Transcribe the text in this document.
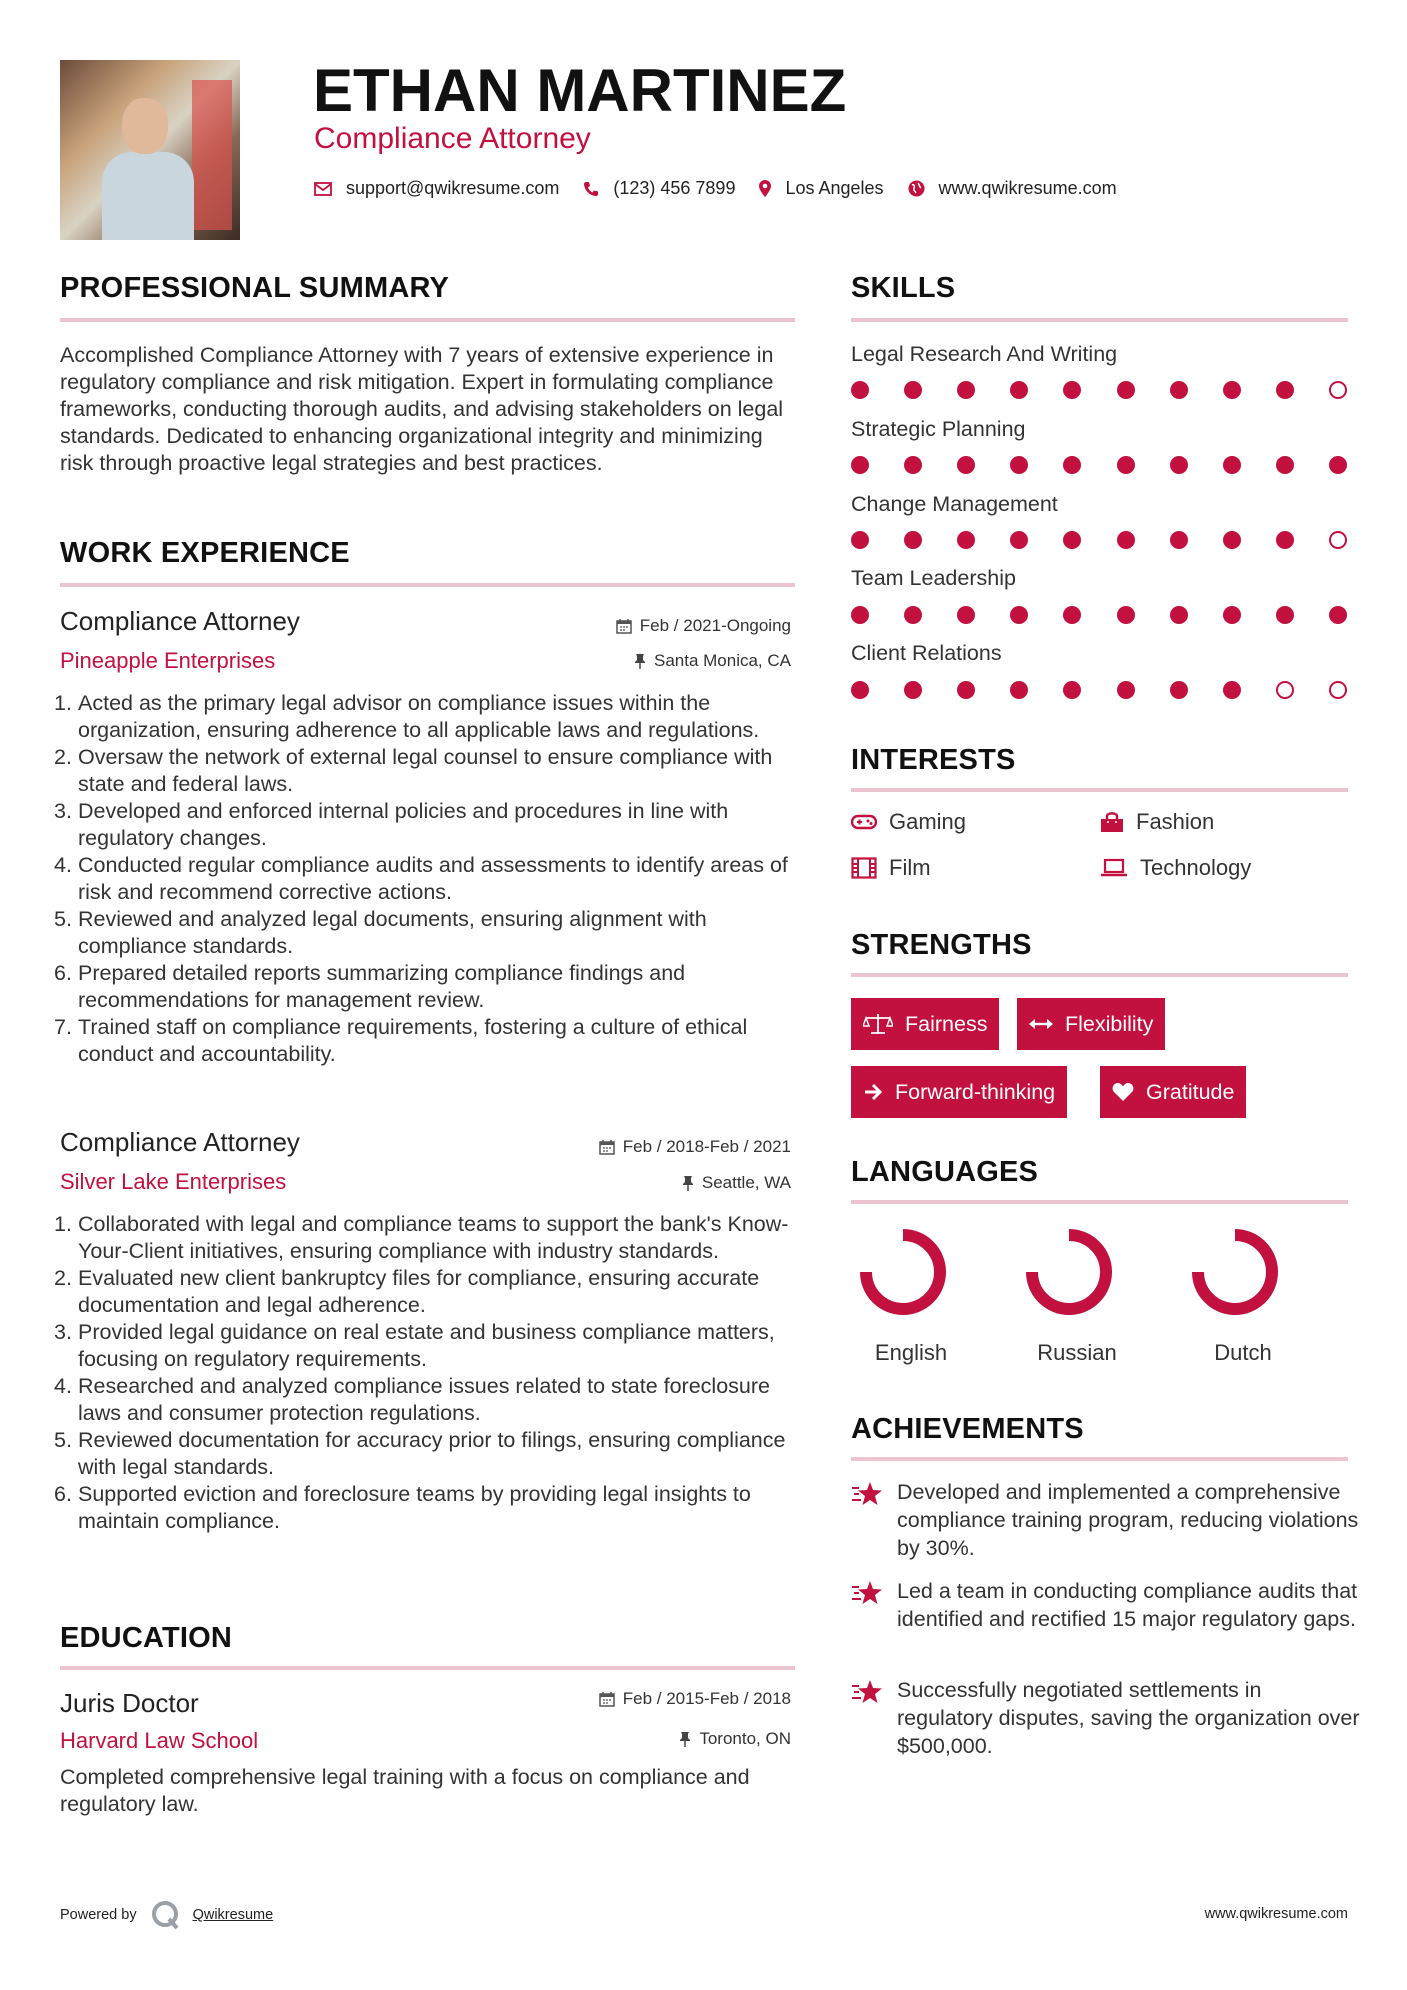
ETHAN MARTINEZ
Compliance Attorney
support@qwikresume.com	(123) 456 7899	Los Angeles	www.qwikresume.com
PROFESSIONAL SUMMARY
Accomplished Compliance Attorney with 7 years of extensive experience in regulatory compliance and risk mitigation. Expert in formulating compliance frameworks, conducting thorough audits, and advising stakeholders on legal standards. Dedicated to enhancing organizational integrity and minimizing risk through proactive legal strategies and best practices.
WORK EXPERIENCE
Compliance Attorney	Feb / 2021-Ongoing
Pineapple Enterprises	Santa Monica, CA
1. Acted as the primary legal advisor on compliance issues within the organization, ensuring adherence to all applicable laws and regulations.
2. Oversaw the network of external legal counsel to ensure compliance with state and federal laws.
3. Developed and enforced internal policies and procedures in line with regulatory changes.
4. Conducted regular compliance audits and assessments to identify areas of risk and recommend corrective actions.
5. Reviewed and analyzed legal documents, ensuring alignment with compliance standards.
6. Prepared detailed reports summarizing compliance findings and recommendations for management review.
7. Trained staff on compliance requirements, fostering a culture of ethical conduct and accountability.
Compliance Attorney	Feb / 2018-Feb / 2021
Silver Lake Enterprises	Seattle, WA
1. Collaborated with legal and compliance teams to support the bank's Know-Your-Client initiatives, ensuring compliance with industry standards.
2. Evaluated new client bankruptcy files for compliance, ensuring accurate documentation and legal adherence.
3. Provided legal guidance on real estate and business compliance matters, focusing on regulatory requirements.
4. Researched and analyzed compliance issues related to state foreclosure laws and consumer protection regulations.
5. Reviewed documentation for accuracy prior to filings, ensuring compliance with legal standards.
6. Supported eviction and foreclosure teams by providing legal insights to maintain compliance.
EDUCATION
Juris Doctor	Feb / 2015-Feb / 2018
Harvard Law School	Toronto, ON
Completed comprehensive legal training with a focus on compliance and regulatory law.
SKILLS
Legal Research And Writing
Strategic Planning
Change Management
Team Leadership
Client Relations
INTERESTS
Gaming	Fashion
Film	Technology
STRENGTHS
Fairness	Flexibility
Forward-thinking	Gratitude
LANGUAGES
English	Russian	Dutch
ACHIEVEMENTS
Developed and implemented a comprehensive compliance training program, reducing violations by 30%.
Led a team in conducting compliance audits that identified and rectified 15 major regulatory gaps.
Successfully negotiated settlements in regulatory disputes, saving the organization over $500,000.
Powered by	Qwikresume	www.qwikresume.com
